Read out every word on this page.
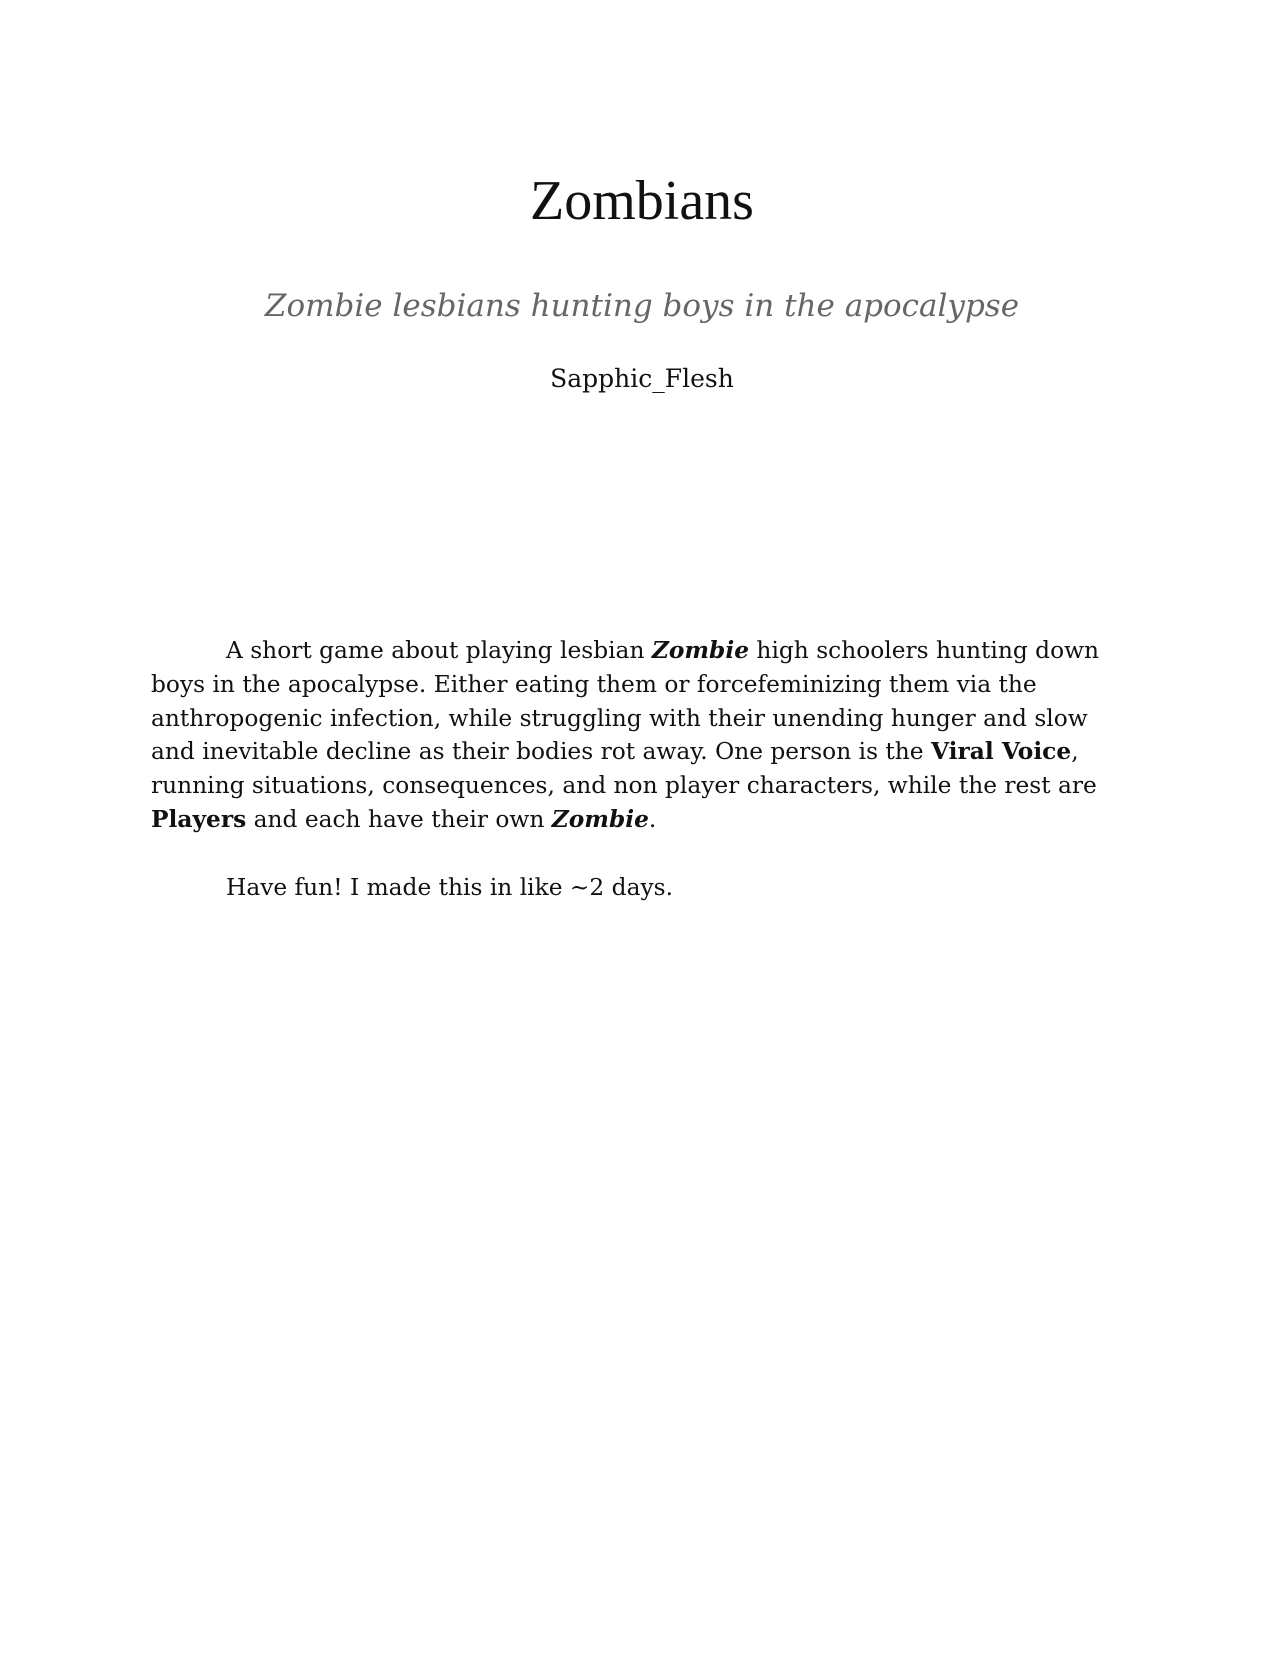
Zombians
Zombie lesbians hunting boys in the apocalypse
Sapphic_Flesh

A short game about playing lesbian Zombie high schoolers hunting down boys in the apocalypse. Either eating them or forcefeminizing them via the anthropogenic infection, while struggling with their unending hunger and slow and inevitable decline as their bodies rot away. One person is the Viral Voice, running situations, consequences, and non player characters, while the rest are Players and each have their own Zombie.

Have fun! I made this in like ~2 days.
